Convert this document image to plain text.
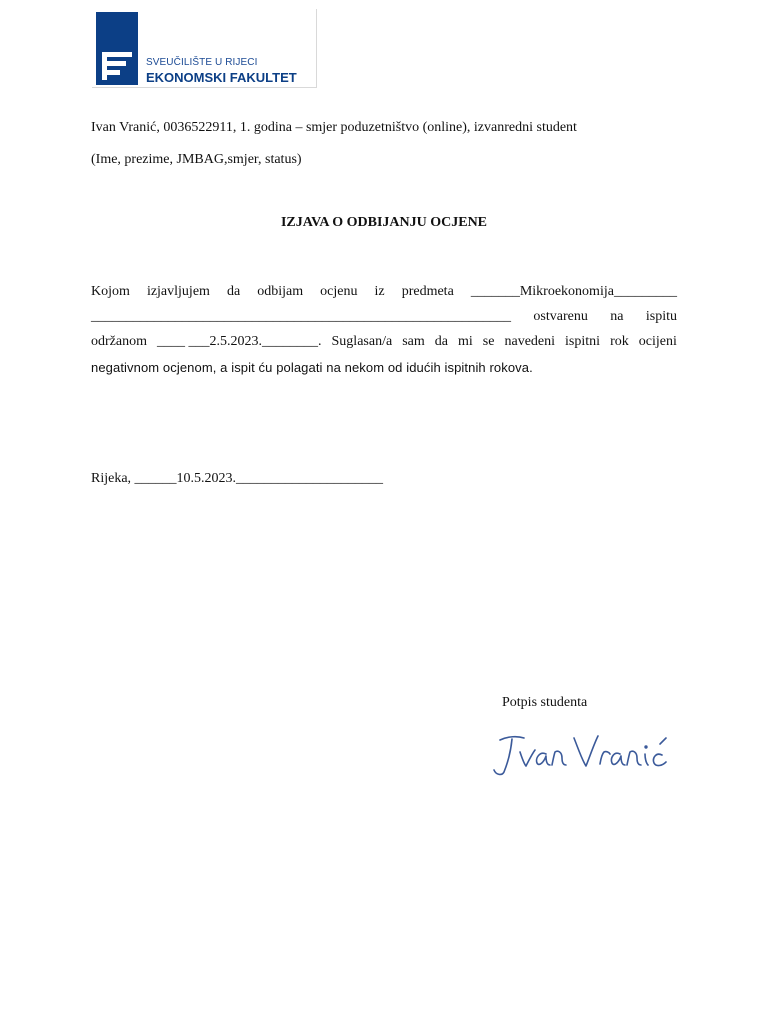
SVEUČILIŠTE U RIJECI
EKONOMSKI FAKULTET
Ivan Vranić, 0036522911, 1. godina – smjer poduzetništvo (online), izvanredni student
(Ime, prezime, JMBAG,smjer, status)
IZJAVA O ODBIJANJU OCJENE
Kojom izjavljujem da odbijam ocjenu iz predmeta _______Mikroekonomija_________
____________________________________________________________ ostvarenu na ispitu
održanom ____ ___2.5.2023.________. Suglasan/a sam da mi se navedeni ispitni rok ocijeni
negativnom ocjenom, a ispit ću polagati na nekom od idućih ispitnih rokova.
Rijeka, ______10.5.2023._____________________
Potpis studenta
